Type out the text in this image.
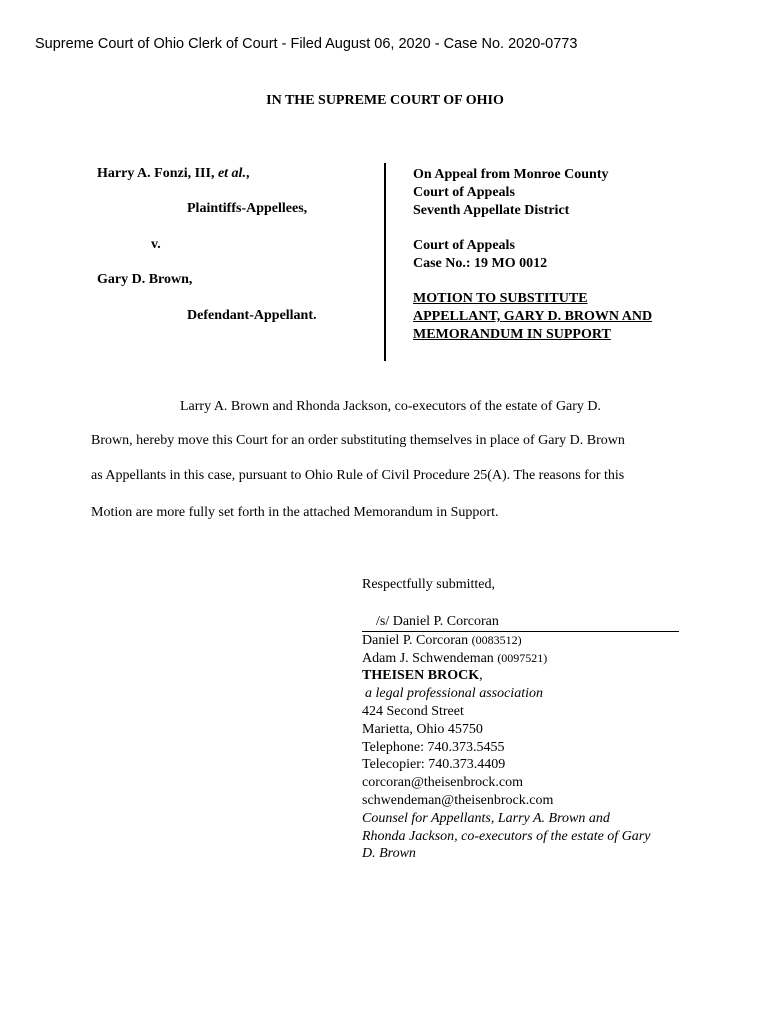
Supreme Court of Ohio Clerk of Court - Filed August 06, 2020 - Case No. 2020-0773
IN THE SUPREME COURT OF OHIO
Harry A. Fonzi, III, et al.,
Plaintiffs-Appellees,
v.
Gary D. Brown,
Defendant-Appellant.
On Appeal from Monroe County
Court of Appeals
Seventh Appellate District
Court of Appeals
Case No.: 19 MO 0012
MOTION TO SUBSTITUTE
APPELLANT, GARY D. BROWN AND
MEMORANDUM IN SUPPORT
Larry A. Brown and Rhonda Jackson, co-executors of the estate of Gary D.
Brown, hereby move this Court for an order substituting themselves in place of Gary D. Brown
as Appellants in this case, pursuant to Ohio Rule of Civil Procedure 25(A). The reasons for this
Motion are more fully set forth in the attached Memorandum in Support.
Respectfully submitted,
/s/ Daniel P. Corcoran
Daniel P. Corcoran (0083512)
Adam J. Schwendeman (0097521)
THEISEN BROCK,
a legal professional association
424 Second Street
Marietta, Ohio 45750
Telephone: 740.373.5455
Telecopier: 740.373.4409
corcoran@theisenbrock.com
schwendeman@theisenbrock.com
Counsel for Appellants, Larry A. Brown and
Rhonda Jackson, co-executors of the estate of Gary
D. Brown
